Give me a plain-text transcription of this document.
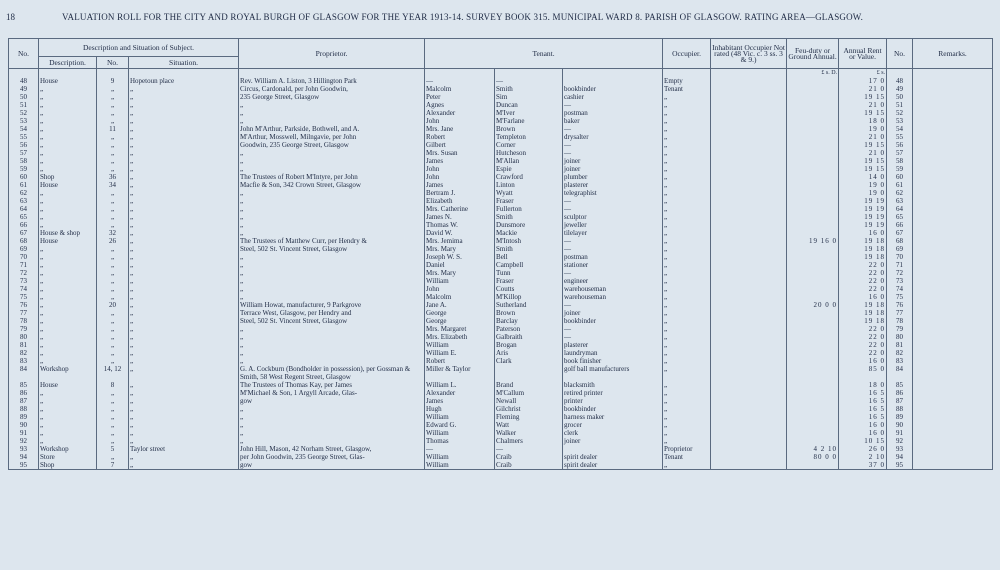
18	VALUATION ROLL FOR THE CITY AND ROYAL BURGH OF GLASGOW FOR THE YEAR 1913-14. SURVEY BOOK 315. MUNICIPAL WARD 8. PARISH OF GLASGOW. RATING AREA—GLASGOW.
No.	Description and Situation of Subject.			Proprietor.	Tenant.			Occupier.	Inhabitant Occupier Not rated (48 Vic. c. 3 ss. 3 & 9.)	Feu-duty or Ground Annual.	Annual Rent or Value.	No.	Remarks.
	Description.	No.	Situation.										
										£ s. D.	£ s.		
48	House	9	Hopetoun place	Rev. William A. Liston, 3 Hillington Park	—	—		Empty			17 0	48	
49	„	„	„	Circus, Cardonald, per John Goodwin,	Malcolm	Smith	bookbinder	Tenant			21 0	49	
50	„	„	„	235 George Street, Glasgow	Peter	Sim	cashier	„			19 15	50	
51	„	„	„	„	Agnes	Duncan	—	„			21 0	51	
52	„	„	„	„	Alexander	M'Iver	postman	„			19 15	52	
53	„	„	„	„	John	M'Farlane	baker	„			18 0	53	
54	„	11	„	John M'Arthur, Parkside, Bothwell, and A.	Mrs. Jane	Brown	—	„			19 0	54	
55	„	„	„	M'Arthur, Mosswell, Milngavie, per John	Robert	Templeton	drysalter	„			21 0	55	
56	„	„	„	Goodwin, 235 George Street, Glasgow	Gilbert	Corner	—	„			19 15	56	
57	„	„	„	„	Mrs. Susan	Hutcheson	—	„			21 0	57	
58	„	„	„	„	James	M'Allan	joiner	„			19 15	58	
59	„	„	„	„	John	Espie	joiner	„			19 15	59	
60	Shop	36	„	The Trustees of Robert M'Intyre, per John	John	Crawford	plumber	„			14 0	60	
61	House	34	„	Macfie & Son, 342 Crown Street, Glasgow	James	Linton	plasterer	„			19 0	61	
62	„	„	„	„	Bertram J.	Wyatt	telegraphist	„			19 0	62	
63	„	„	„	„	Elizabeth	Fraser	—	„			19 19	63	
64	„	„	„	„	Mrs. Catherine	Fullerton	—	„			19 19	64	
65	„	„	„	„	James N.	Smith	sculptor	„			19 19	65	
66	„	„	„	„	Thomas W.	Dunsmore	jeweller	„			19 19	66	
67	House & shop	32	„	„	David W.	Mackie	tilelayer	„			16 0	67	
68	House	26	„	The Trustees of Matthew Curr, per Hendry &	Mrs. Jemima	M'Intosh	—	„		19 16 0	19 18	68	
69	„	„	„	Steel, 502 St. Vincent Street, Glasgow	Mrs. Mary	Smith	—	„			19 18	69	
70	„	„	„	„	Joseph W. S.	Bell	postman	„			19 18	70	
71	„	„	„	„	Daniel	Campbell	stationer	„			22 0	71	
72	„	„	„	„	Mrs. Mary	Tunn	—	„			22 0	72	
73	„	„	„	„	William	Fraser	engineer	„			22 0	73	
74	„	„	„	„	John	Coutts	warehouseman	„			22 0	74	
75	„	„	„	„	Malcolm	M'Killop	warehouseman	„			16 0	75	
76	„	20	„	William Howat, manufacturer, 9 Parkgrove	Jane A.	Sutherland	—	„		20 0 0	19 18	76	
77	„	„	„	Terrace West, Glasgow, per Hendry and	George	Brown	joiner	„			19 18	77	
78	„	„	„	Steel, 502 St. Vincent Street, Glasgow	George	Barclay	bookbinder	„			19 18	78	
79	„	„	„	„	Mrs. Margaret	Paterson	—	„			22 0	79	
80	„	„	„	„	Mrs. Elizabeth	Galbraith	—	„			22 0	80	
81	„	„	„	„	William	Brogan	plasterer	„			22 0	81	
82	„	„	„	„	William E.	Aris	laundryman	„			22 0	82	
83	„	„	„	„	Robert	Clark	book finisher	„			16 0	83	
84	Workshop	14, 12	„	G. A. Cockburn (Bondholder in possession), per Gossman & Smith, 58 West Regent Street, Glasgow	Miller & Taylor		golf ball manufacturers	„			85 0	84	
85	House	8	„	The Trustees of Thomas Kay, per James	William L.	Brand	blacksmith	„			18 0	85	
86	„	„	„	M'Michael & Son, 1 Argyll Arcade, Glas-	Alexander	M'Callum	retired printer	„			16 5	86	
87	„	„	„	gow	James	Newall	printer	„			16 5	87	
88	„	„	„	„	Hugh	Gilchrist	bookbinder	„			16 5	88	
89	„	„	„	„	William	Fleming	harness maker	„			16 5	89	
90	„	„	„	„	Edward G.	Watt	grocer	„			16 0	90	
91	„	„	„	„	William	Walker	clerk	„			16 0	91	
92	„	„	„	„	Thomas	Chalmers	joiner	„			10 15	92	
93	Workshop	5	Taylor street	John Hill, Mason, 42 Norham Street, Glasgow,	—	—		Proprietor		4 2 10	26 0	93	
94	Store	„	„	per John Goodwin, 235 George Street, Glas-	William	Craib	spirit dealer	Tenant		80 0 0	2 10	94	
95	Shop	7	„	gow	William	Craib	spirit dealer	„			37 0	95	
